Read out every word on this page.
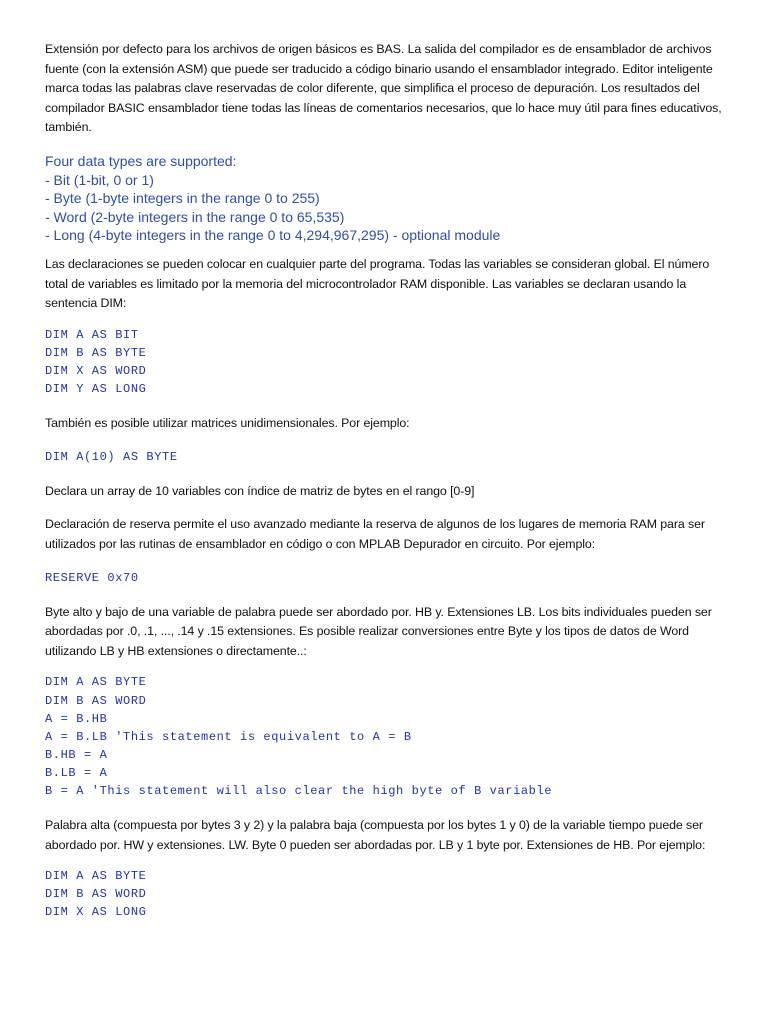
Extensión por defecto para los archivos de origen básicos es BAS. La salida del compilador es de ensamblador de archivos fuente (con la extensión ASM) que puede ser traducido a código binario usando el ensamblador integrado. Editor inteligente marca todas las palabras clave reservadas de color diferente, que simplifica el proceso de depuración. Los resultados del compilador BASIC ensamblador tiene todas las líneas de comentarios necesarios, que lo hace muy útil para fines educativos, también.

Four data types are supported:
- Bit (1-bit, 0 or 1)
- Byte (1-byte integers in the range 0 to 255)
- Word (2-byte integers in the range 0 to 65,535)
- Long (4-byte integers in the range 0 to 4,294,967,295) - optional module

Las declaraciones se pueden colocar en cualquier parte del programa. Todas las variables se consideran global. El número total de variables es limitado por la memoria del microcontrolador RAM disponible. Las variables se declaran usando la sentencia DIM:

DIM A AS BIT
DIM B AS BYTE
DIM X AS WORD
DIM Y AS LONG

También es posible utilizar matrices unidimensionales. Por ejemplo:

DIM A(10) AS BYTE

Declara un array de 10 variables con índice de matriz de bytes en el rango [0-9]

Declaración de reserva permite el uso avanzado mediante la reserva de algunos de los lugares de memoria RAM para ser utilizados por las rutinas de ensamblador en código o con MPLAB Depurador en circuito. Por ejemplo:

RESERVE 0x70

Byte alto y bajo de una variable de palabra puede ser abordado por. HB y. Extensiones LB. Los bits individuales pueden ser abordadas por .0, .1, ..., .14 y .15 extensiones. Es posible realizar conversiones entre Byte y los tipos de datos de Word utilizando LB y HB extensiones o directamente..:

DIM A AS BYTE
DIM B AS WORD
A = B.HB
A = B.LB 'This statement is equivalent to A = B
B.HB = A
B.LB = A
B = A 'This statement will also clear the high byte of B variable

Palabra alta (compuesta por bytes 3 y 2) y la palabra baja (compuesta por los bytes 1 y 0) de la variable tiempo puede ser abordado por. HW y extensiones. LW. Byte 0 pueden ser abordadas por. LB y 1 byte por. Extensiones de HB. Por ejemplo:

DIM A AS BYTE
DIM B AS WORD
DIM X AS LONG
